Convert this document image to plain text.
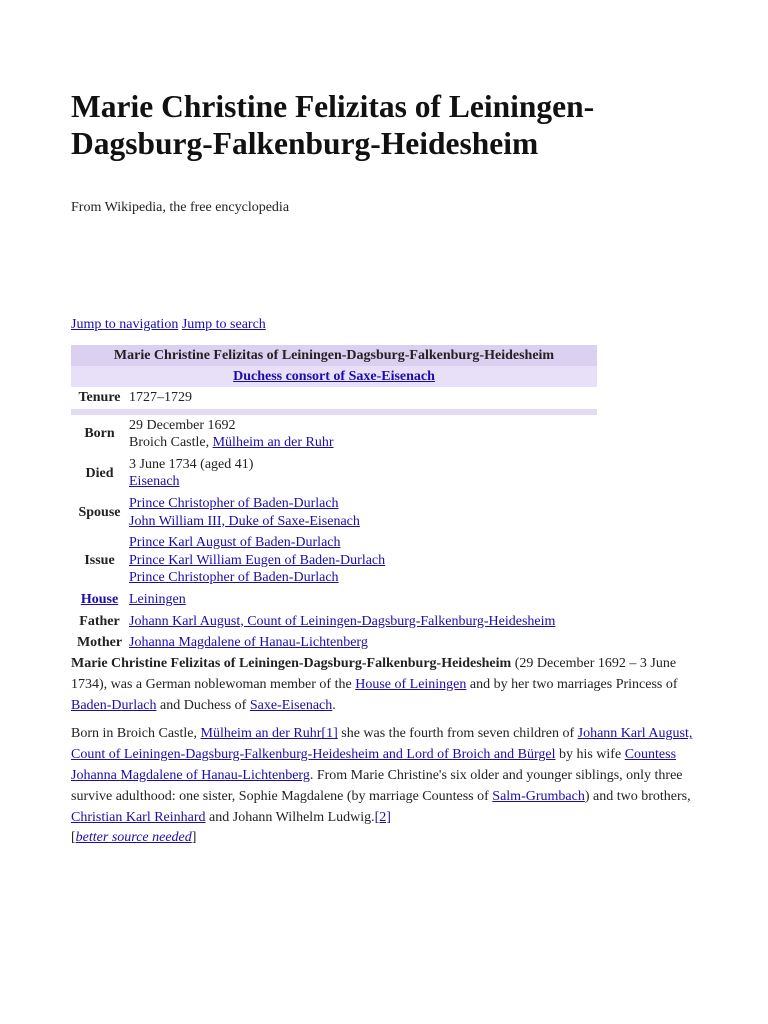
Marie Christine Felizitas of Leiningen-Dagsburg-Falkenburg-Heidesheim

From Wikipedia, the free encyclopedia

Jump to navigation Jump to search
Marie Christine Felizitas of Leiningen-Dagsburg-Falkenburg-Heidesheim	
Duchess consort of Saxe-Eisenach	
Tenure	1727–1729

Born	29 December 1692
Broich Castle, Mülheim an der Ruhr
Died	3 June 1734 (aged 41)
Eisenach
Spouse	Prince Christopher of Baden-Durlach
John William III, Duke of Saxe-Eisenach
Issue	Prince Karl August of Baden-Durlach
Prince Karl William Eugen of Baden-Durlach
Prince Christopher of Baden-Durlach
House	Leiningen
Father	Johann Karl August, Count of Leiningen-Dagsburg-Falkenburg-Heidesheim
Mother	Johanna Magdalene of Hanau-Lichtenberg

Marie Christine Felizitas of Leiningen-Dagsburg-Falkenburg-Heidesheim (29 December 1692 – 3 June 1734), was a German noblewoman member of the House of Leiningen and by her two marriages Princess of Baden-Durlach and Duchess of Saxe-Eisenach.

Born in Broich Castle, Mülheim an der Ruhr[1] she was the fourth from seven children of Johann Karl August, Count of Leiningen-Dagsburg-Falkenburg-Heidesheim and Lord of Broich and Bürgel by his wife Countess Johanna Magdalene of Hanau-Lichtenberg. From Marie Christine's six older and younger siblings, only three survive adulthood: one sister, Sophie Magdalene (by marriage Countess of Salm-Grumbach) and two brothers, Christian Karl Reinhard and Johann Wilhelm Ludwig.[2]
[better source needed]
